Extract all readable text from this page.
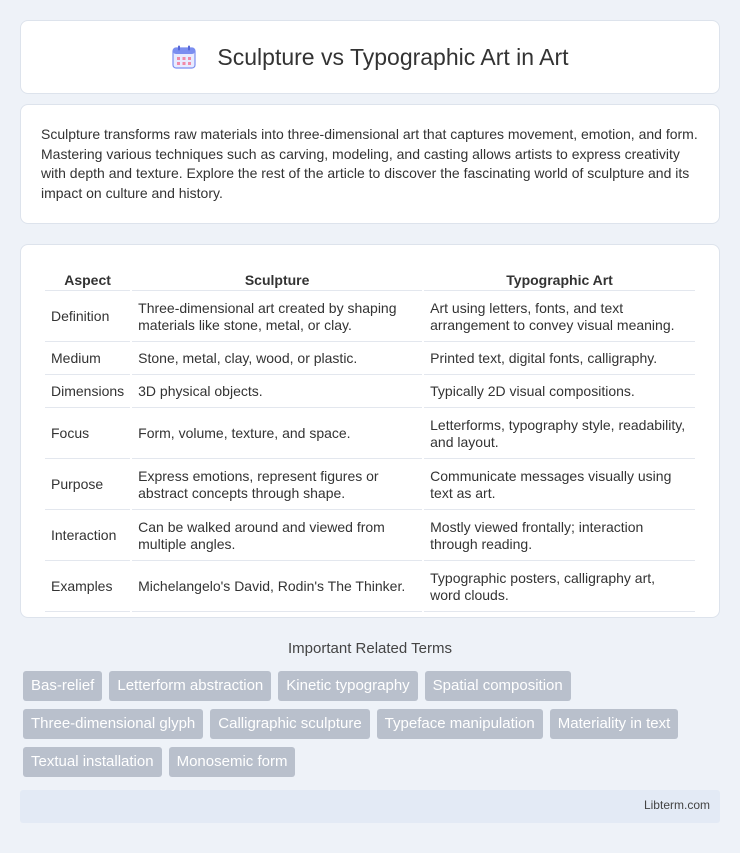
Sculpture vs Typographic Art in Art

Sculpture transforms raw materials into three-dimensional art that captures movement, emotion, and form. Mastering various techniques such as carving, modeling, and casting allows artists to express creativity with depth and texture. Explore the rest of the article to discover the fascinating world of sculpture and its impact on culture and history.

Aspect	Sculpture	Typographic Art
Definition	Three-dimensional art created by shaping materials like stone, metal, or clay.	Art using letters, fonts, and text arrangement to convey visual meaning.
Medium	Stone, metal, clay, wood, or plastic.	Printed text, digital fonts, calligraphy.
Dimensions	3D physical objects.	Typically 2D visual compositions.
Focus	Form, volume, texture, and space.	Letterforms, typography style, readability, and layout.
Purpose	Express emotions, represent figures or abstract concepts through shape.	Communicate messages visually using text as art.
Interaction	Can be walked around and viewed from multiple angles.	Mostly viewed frontally; interaction through reading.
Examples	Michelangelo's David, Rodin's The Thinker.	Typographic posters, calligraphy art, word clouds.
Important Related Terms
Bas-relief	Letterform abstraction	Kinetic typography	Spatial composition
Three-dimensional glyph	Calligraphic sculpture	Typeface manipulation	Materiality in text
Textual installation	Monosemic form
Libterm.com
